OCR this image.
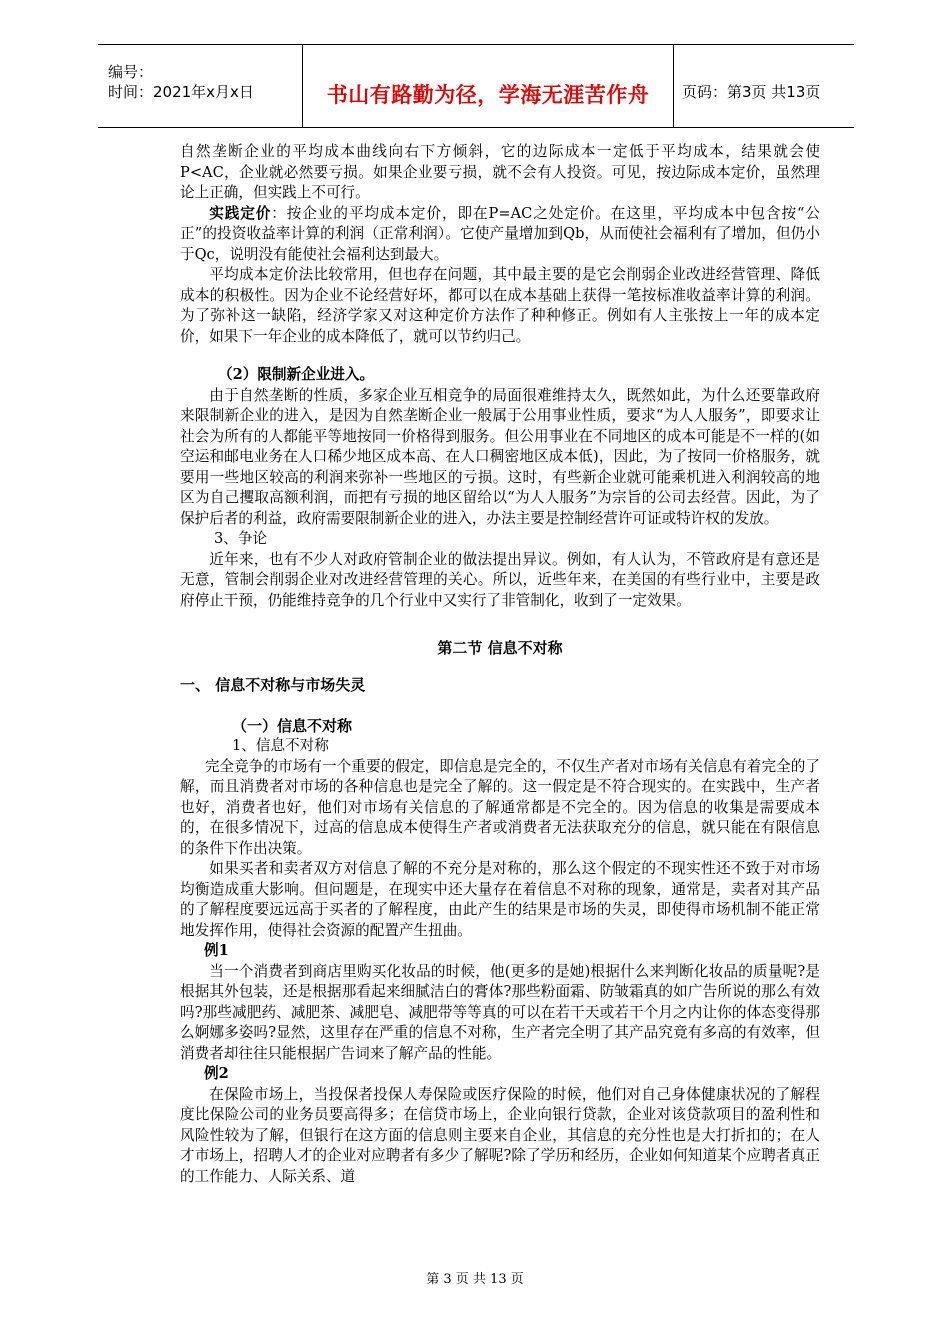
编号：
时间：2021年x月x日	书山有路勤为径，学海无涯苦作舟	页码：第3页 共13页

自然垄断企业的平均成本曲线向右下方倾斜，它的边际成本一定低于平均成本，结果就会使P<AC，企业就必然要亏损。如果企业要亏损，就不会有人投资。可见，按边际成本定价，虽然理论上正确，但实践上不可行。

实践定价：按企业的平均成本定价，即在P=AC之处定价。在这里，平均成本中包含按“公正”的投资收益率计算的利润（正常利润）。它使产量增加到Qb，从而使社会福利有了增加，但仍小于Qc，说明没有能使社会福利达到最大。

平均成本定价法比较常用，但也存在问题，其中最主要的是它会削弱企业改进经营管理、降低成本的积极性。因为企业不论经营好坏，都可以在成本基础上获得一笔按标准收益率计算的利润。为了弥补这一缺陷，经济学家又对这种定价方法作了种种修正。例如有人主张按上一年的成本定价，如果下一年企业的成本降低了，就可以节约归己。

（2）限制新企业进入。

由于自然垄断的性质，多家企业互相竞争的局面很难维持太久，既然如此，为什么还要靠政府来限制新企业的进入，是因为自然垄断企业一般属于公用事业性质，要求“为人人服务”，即要求让社会为所有的人都能平等地按同一价格得到服务。但公用事业在不同地区的成本可能是不一样的(如空运和邮电业务在人口稀少地区成本高、在人口稠密地区成本低)，因此，为了按同一价格服务，就要用一些地区较高的利润来弥补一些地区的亏损。这时，有些新企业就可能乘机进入利润较高的地区为自己攫取高额利润，而把有亏损的地区留给以“为人人服务”为宗旨的公司去经营。因此，为了保护后者的利益，政府需要限制新企业的进入，办法主要是控制经营许可证或特许权的发放。

3、争论

近年来，也有不少人对政府管制企业的做法提出异议。例如，有人认为，不管政府是有意还是无意，管制会削弱企业对改进经营管理的关心。所以，近些年来，在美国的有些行业中，主要是政府停止干预，仍能维持竞争的几个行业中又实行了非管制化，收到了一定效果。

第二节 信息不对称
一、 信息不对称与市场失灵
（一）信息不对称
1、信息不对称

完全竞争的市场有一个重要的假定，即信息是完全的，不仅生产者对市场有关信息有着完全的了解，而且消费者对市场的各种信息也是完全了解的。这一假定是不符合现实的。在实践中，生产者也好，消费者也好，他们对市场有关信息的了解通常都是不完全的。因为信息的收集是需要成本的，在很多情况下，过高的信息成本使得生产者或消费者无法获取充分的信息，就只能在有限信息的条件下作出决策。

如果买者和卖者双方对信息了解的不充分是对称的，那么这个假定的不现实性还不致于对市场均衡造成重大影响。但问题是，在现实中还大量存在着信息不对称的现象，通常是，卖者对其产品的了解程度要远远高于买者的了解程度，由此产生的结果是市场的失灵，即使得市场机制不能正常地发挥作用，使得社会资源的配置产生扭曲。

例1

当一个消费者到商店里购买化妆品的时候，他(更多的是她)根据什么来判断化妆品的质量呢?是根据其外包装，还是根据那看起来细腻洁白的膏体?那些粉面霜、防皱霜真的如广告所说的那么有效吗?那些减肥药、减肥茶、减肥皂、减肥带等等真的可以在若干天或若干个月之内让你的体态变得那么婀娜多姿吗?显然，这里存在严重的信息不对称，生产者完全明了其产品究竟有多高的有效率，但消费者却往往只能根据广告词来了解产品的性能。

例2

在保险市场上，当投保者投保人寿保险或医疗保险的时候，他们对自己身体健康状况的了解程度比保险公司的业务员要高得多；在信贷市场上，企业向银行贷款，企业对该贷款项目的盈利性和风险性较为了解，但银行在这方面的信息则主要来自企业，其信息的充分性也是大打折扣的；在人才市场上，招聘人才的企业对应聘者有多少了解呢?除了学历和经历，企业如何知道某个应聘者真正的工作能力、人际关系、道

第 3 页 共 13 页
